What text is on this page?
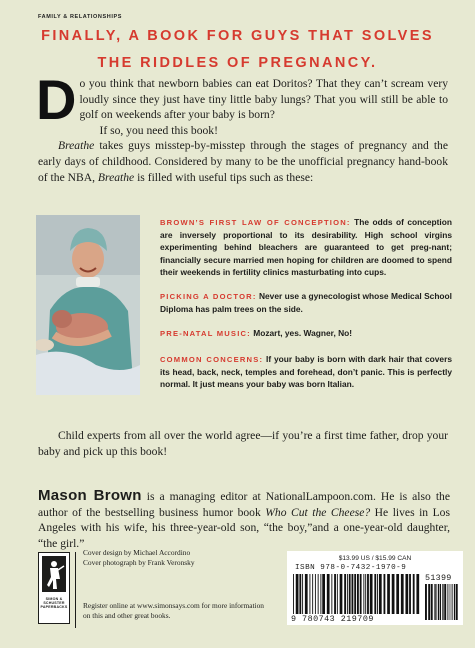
FAMILY & RELATIONSHIPS
FINALLY, A BOOK FOR GUYS THAT SOLVES
THE RIDDLES OF PREGNANCY.
D o you think that newborn babies can eat Doritos? That they can’t scream very loudly since they just have tiny little baby lungs? That you will still be able to golf on weekends after your baby is born?

If so, you need this book!

Breathe takes guys misstep-by-misstep through the stages of pregnancy and the early days of childhood. Considered by many to be the unofficial pregnancy hand-book of the NBA, Breathe is filled with useful tips such as these:

BROWN’S FIRST LAW OF CONCEPTION: The odds of conception are inversely proportional to its desirability. High school virgins experimenting behind bleachers are guaranteed to get preg-nant; financially secure married men hoping for children are doomed to spend their weekends in fertility clinics masturbating into cups.

PICKING A DOCTOR: Never use a gynecologist whose Medical School Diploma has palm trees on the side.

PRE-NATAL MUSIC: Mozart, yes. Wagner, No!

COMMON CONCERNS: If your baby is born with dark hair that covers its head, back, neck, temples and forehead, don’t panic. This is perfectly normal. It just means your baby was born Italian.

Child experts from all over the world agree—if you’re a first time father, drop your baby and pick up this book!
Mason Brown is a managing editor at NationalLampoon.com. He is also the author of the bestselling business humor book Who Cut the Cheese? He lives in Los Angeles with his wife, his three-year-old son, “the boy,”and a one-year-old daughter, “the girl.”
SIMON & SCHUSTER PAPERBACKS
Cover design by Michael Accordino
Cover photograph by Frank Veronsky
Register online at www.simonsays.com for more information on this and other great books.
$13.99 US / $15.99 CAN
ISBN 978-0-7432-1970-9
9 780743 219709
51399
